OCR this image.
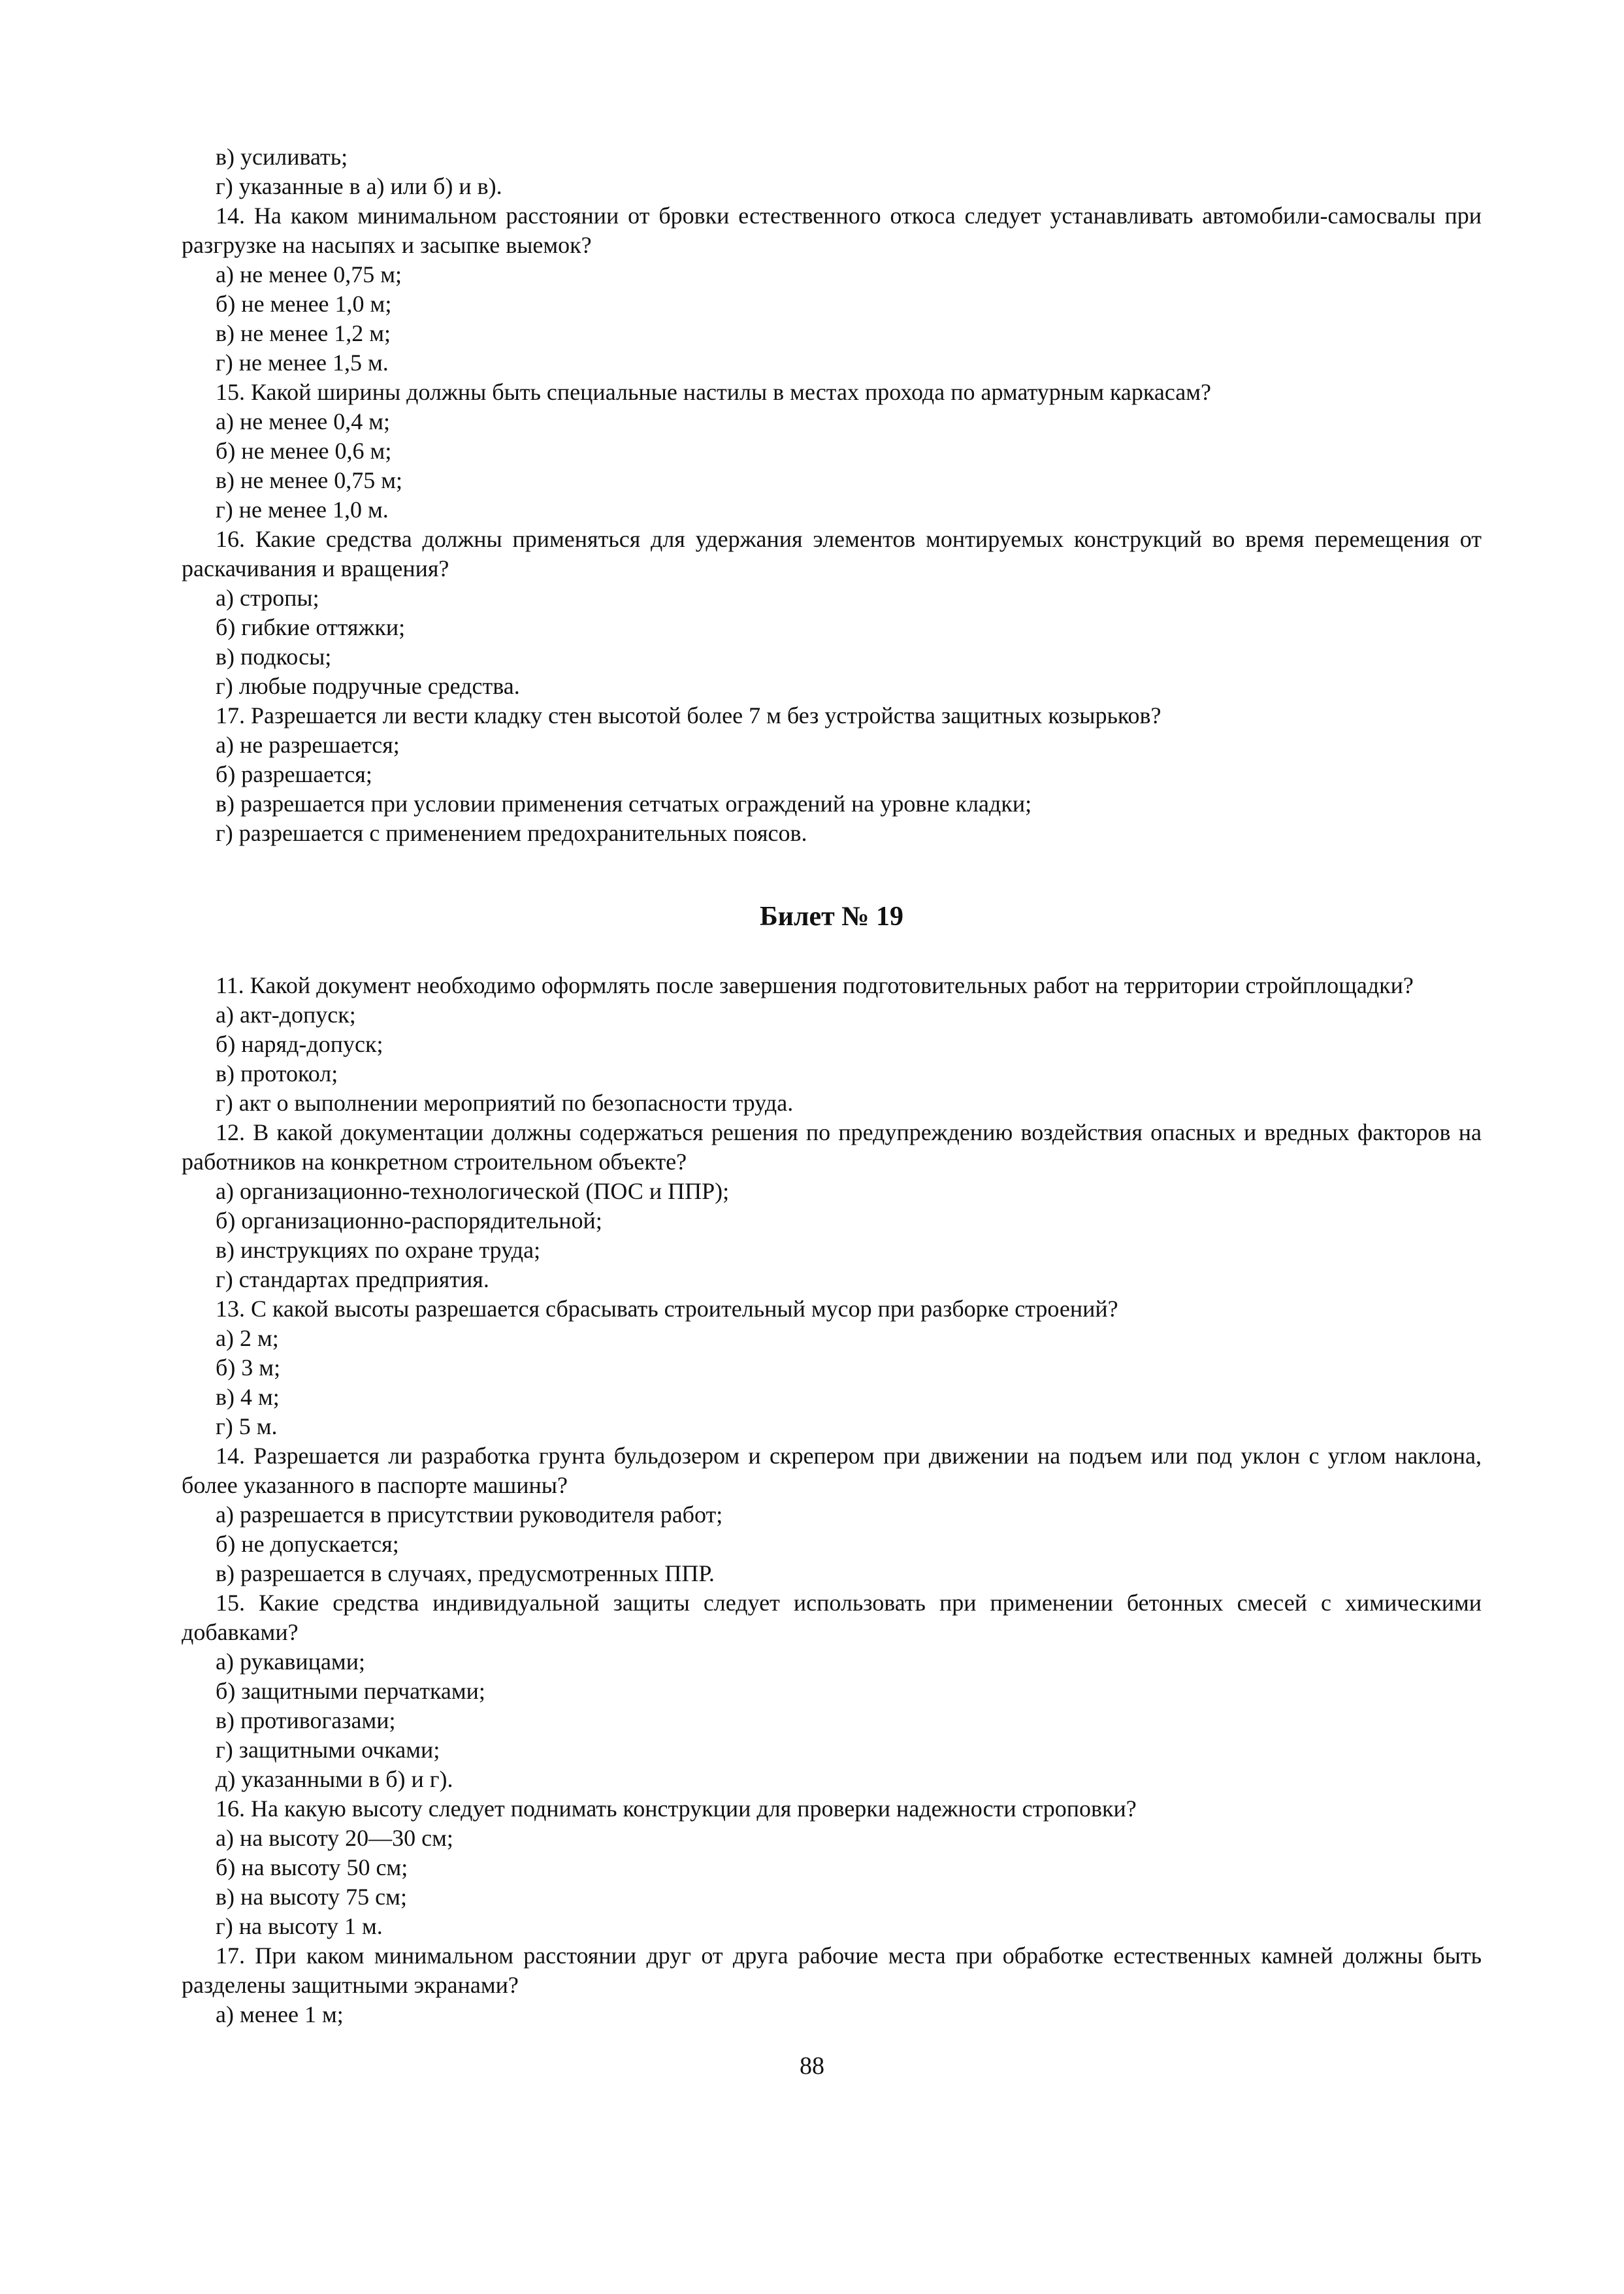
в) усиливать;
г) указанные в а) или б) и в).
14. На каком минимальном расстоянии от бровки естественного откоса следует устанавливать автомобили-самосвалы при разгрузке на насыпях и засыпке выемок?
а) не менее 0,75 м;
б) не менее 1,0 м;
в) не менее 1,2 м;
г) не менее 1,5 м.
15. Какой ширины должны быть специальные настилы в местах прохода по арматурным каркасам?
а) не менее 0,4 м;
б) не менее 0,6 м;
в) не менее 0,75 м;
г) не менее 1,0 м.
16. Какие средства должны применяться для удержания элементов монтируемых конструкций во время перемещения от раскачивания и вращения?
а) стропы;
б) гибкие оттяжки;
в) подкосы;
г) любые подручные средства.
17. Разрешается ли вести кладку стен высотой более 7 м без устройства защитных козырьков?
а) не разрешается;
б) разрешается;
в) разрешается при условии применения сетчатых ограждений на уровне кладки;
г) разрешается с применением предохранительных поясов.
Билет № 19
11. Какой документ необходимо оформлять после завершения подготовительных работ на территории стройплощадки?
а) акт-допуск;
б) наряд-допуск;
в) протокол;
г) акт о выполнении мероприятий по безопасности труда.
12. В какой документации должны содержаться решения по предупреждению воздействия опасных и вредных факторов на работников на конкретном строительном объекте?
а) организационно-технологической (ПОС и ППР);
б) организационно-распорядительной;
в) инструкциях по охране труда;
г) стандартах предприятия.
13. С какой высоты разрешается сбрасывать строительный мусор при разборке строений?
а) 2 м;
б) 3 м;
в) 4 м;
г) 5 м.
14. Разрешается ли разработка грунта бульдозером и скрепером при движении на подъем или под уклон с углом наклона, более указанного в паспорте машины?
а) разрешается в присутствии руководителя работ;
б) не допускается;
в) разрешается в случаях, предусмотренных ППР.
15. Какие средства индивидуальной защиты следует использовать при применении бетонных смесей с химическими добавками?
а) рукавицами;
б) защитными перчатками;
в) противогазами;
г) защитными очками;
д) указанными в б) и г).
16. На какую высоту следует поднимать конструкции для проверки надежности строповки?
а) на высоту 20—30 см;
б) на высоту 50 см;
в) на высоту 75 см;
г) на высоту 1 м.
17. При каком минимальном расстоянии друг от друга рабочие места при обработке естественных камней должны быть разделены защитными экранами?
а) менее 1 м;
88
